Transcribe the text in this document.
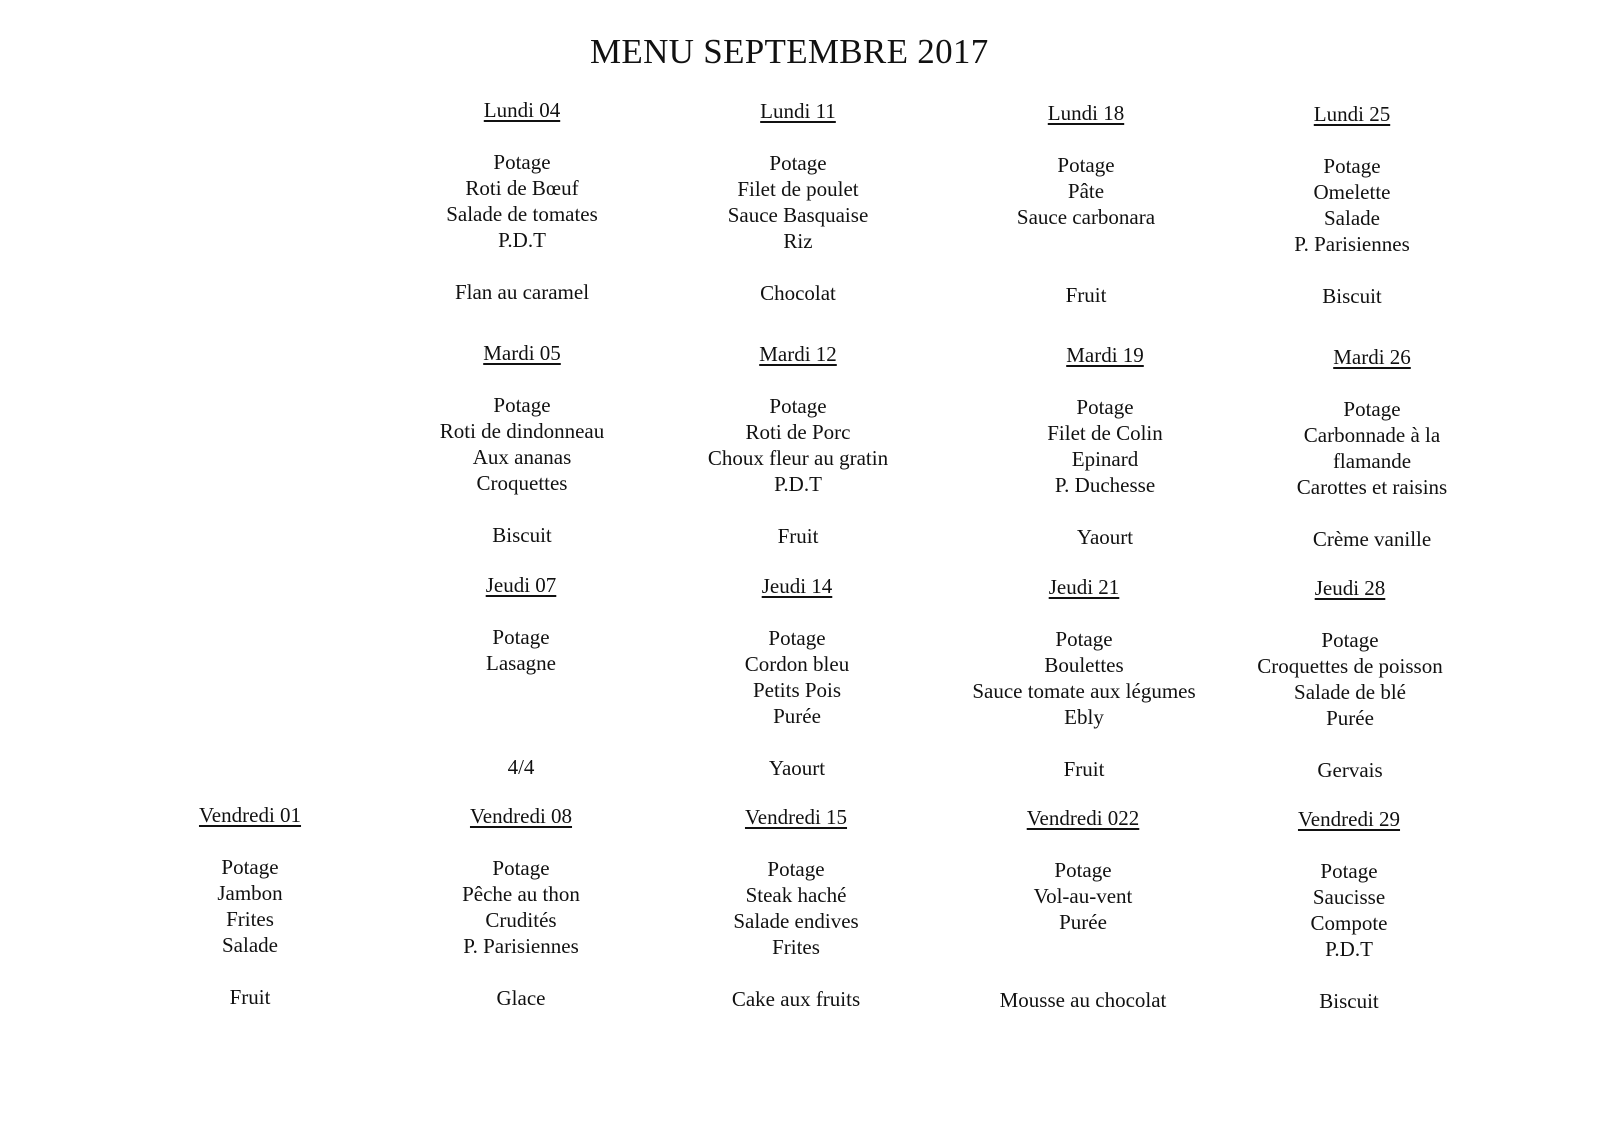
MENU SEPTEMBRE 2017
Lundi 04
Potage
Roti de Bœuf
Salade de tomates
P.D.T
Flan au caramel
Lundi 11
Potage
Filet de poulet
Sauce Basquaise
Riz
Chocolat
Lundi 18
Potage
Pâte
Sauce carbonara
Fruit
Lundi 25
Potage
Omelette
Salade
P. Parisiennes
Biscuit
Mardi 05
Potage
Roti de dindonneau
Aux ananas
Croquettes
Biscuit
Mardi 12
Potage
Roti de Porc
Choux fleur au gratin
P.D.T
Fruit
Mardi 19
Potage
Filet de Colin
Epinard
P. Duchesse
Yaourt
Mardi 26
Potage
Carbonnade à la
flamande
Carottes et raisins
Crème vanille
Jeudi 07
Potage
Lasagne
4/4
Jeudi 14
Potage
Cordon bleu
Petits Pois
Purée
Yaourt
Jeudi 21
Potage
Boulettes
Sauce tomate aux légumes
Ebly
Fruit
Jeudi 28
Potage
Croquettes de poisson
Salade de blé
Purée
Gervais
Vendredi 01
Potage
Jambon
Frites
Salade
Fruit
Vendredi 08
Potage
Pêche au thon
Crudités
P. Parisiennes
Glace
Vendredi 15
Potage
Steak haché
Salade endives
Frites
Cake aux fruits
Vendredi 022
Potage
Vol-au-vent
Purée
Mousse au chocolat
Vendredi 29
Potage
Saucisse
Compote
P.D.T
Biscuit
